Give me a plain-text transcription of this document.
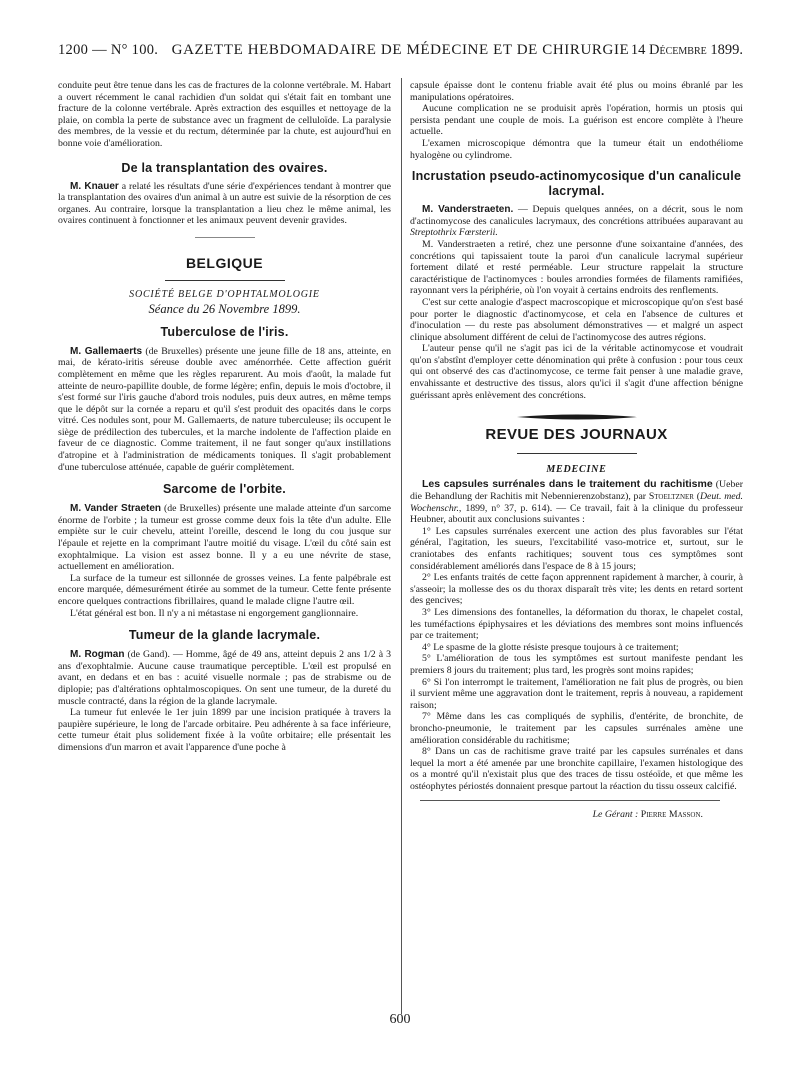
1200 — N° 100. GAZETTE HEBDOMADAIRE DE MÉDECINE ET DE CHIRURGIE 14 Décembre 1899.

conduite peut être tenue dans les cas de fractures de la colonne vertébrale. M. Habart a ouvert récemment le canal rachidien d'un soldat qui s'était fait en tombant une fracture de la colonne vertébrale. Après extraction des esquilles et nettoyage de la plaie, on combla la perte de substance avec un fragment de celluloïde. La paralysie des membres, de la vessie et du rectum, déterminée par la chute, est aujourd'hui en bonne voie d'amélioration.

De la transplantation des ovaires.

M. Knauer a relaté les résultats d'une série d'expériences tendant à montrer que la transplantation des ovaires d'un animal à un autre est suivie de la résorption de ces organes. Au contraire, lorsque la transplantation a lieu chez le même animal, les ovaires continuent à fonctionner et les animaux peuvent devenir gravides.

BELGIQUE
SOCIÉTÉ BELGE D'OPHTALMOLOGIE
Séance du 26 Novembre 1899.
Tuberculose de l'iris.

M. Gallemaerts (de Bruxelles) présente une jeune fille de 18 ans, atteinte, en mai, de kérato-iritis séreuse double avec aménorrhée. Cette affection guérit complètement en même que les règles reparurent. Au mois d'août, la malade fut atteinte de neuro-papillite double, de forme légère; enfin, depuis le mois d'octobre, il s'est formé sur l'iris gauche d'abord trois nodules, puis deux autres, en même temps que le dépôt sur la cornée a reparu et qu'il s'est produit des opacités dans le corps vitré. Ces nodules sont, pour M. Gallemaerts, de nature tuberculeuse; ils occupent le siège de prédilection des tubercules, et la marche indolente de l'affection plaide en faveur de ce diagnostic. Comme traitement, il ne faut songer qu'aux instillations d'atropine et à l'administration de médicaments toniques. Il s'agit probablement d'une tuberculose atténuée, capable de guérir complètement.

Sarcome de l'orbite.

M. Vander Straeten (de Bruxelles) présente une malade atteinte d'un sarcome énorme de l'orbite ; la tumeur est grosse comme deux fois la tête d'un adulte. Elle empiète sur le cuir chevelu, atteint l'oreille, descend le long du cou jusque sur l'épaule et rejette en la comprimant l'autre moitié du visage. L'œil du côté sain est exophtalmique. La vision est assez bonne. Il y a eu une névrite de stase, actuellement en amélioration.

La surface de la tumeur est sillonnée de grosses veines. La fente palpébrale est encore marquée, démesurément étirée au sommet de la tumeur. Cette fente présente encore quelques contractions fibrillaires, quand le malade cligne l'autre œil.

L'état général est bon. Il n'y a ni métastase ni engorgement ganglionnaire.

Tumeur de la glande lacrymale.

M. Rogman (de Gand). — Homme, âgé de 49 ans, atteint depuis 2 ans 1/2 à 3 ans d'exophtalmie. Aucune cause traumatique perceptible. L'œil est propulsé en avant, en dedans et en bas : acuité visuelle normale ; pas de strabisme ou de diplopie; pas d'altérations ophtalmoscopiques. On sent une tumeur, de la dureté du muscle contracté, dans la région de la glande lacrymale.

La tumeur fut enlevée le 1er juin 1899 par une incision pratiquée à travers la paupière supérieure, le long de l'arcade orbitaire. Peu adhérente à sa face inférieure, cette tumeur était plus solidement fixée à la voûte orbitaire; elle présentait les dimensions d'un marron et avait l'apparence d'une poche à

capsule épaisse dont le contenu friable avait été plus ou moins ébranlé par les manipulations opératoires.

Aucune complication ne se produisit après l'opération, hormis un ptosis qui persista pendant une couple de mois. La guérison est encore complète à l'heure actuelle.

L'examen microscopique démontra que la tumeur était un endothéliome hyalogène ou cylindrome.

Incrustation pseudo-actinomycosique d'un canalicule lacrymal.

M. Vanderstraeten. — Depuis quelques années, on a décrit, sous le nom d'actinomycose des canalicules lacrymaux, des concrétions attribuées auparavant au Streptothrix Fœrsterii.

M. Vanderstraeten a retiré, chez une personne d'une soixantaine d'années, des concrétions qui tapissaient toute la paroi d'un canalicule lacrymal supérieur fortement dilaté et resté perméable. Leur structure rappelait la structure caractéristique de l'actinomyces : boules arrondies formées de filaments ramifiées, rayonnant vers la périphérie, où l'on voyait à certains endroits des renflements.

C'est sur cette analogie d'aspect macroscopique et microscopique qu'on s'est basé pour porter le diagnostic d'actinomycose, et cela en l'absence de cultures et d'inoculation — du reste pas absolument démonstratives — et malgré un aspect clinique absolument différent de celui de l'actinomycose des autres régions.

L'auteur pense qu'il ne s'agit pas ici de la véritable actinomycose et voudrait qu'on s'abstînt d'employer cette dénomination qui prête à confusion : pour tous ceux qui ont observé des cas d'actinomycose, ce terme fait penser à une maladie grave, envahissante et destructive des tissus, alors qu'ici il s'agit d'une affection bénigne guérissant après enlèvement des concrétions.

REVUE DES JOURNAUX
MEDECINE

Les capsules surrénales dans le traitement du rachitisme (Ueber die Behandlung der Rachitis mit Nebennierenzobstanz), par Stoeltzner (Deut. med. Wochenschr., 1899, n° 37, p. 614). — Ce travail, fait à la clinique du professeur Heubner, aboutit aux conclusions suivantes :

1° Les capsules surrénales exercent une action des plus favorables sur l'état général, l'agitation, les sueurs, l'excitabilité vaso-motrice et, surtout, sur le craniotabes des enfants rachitiques; souvent tous ces symptômes sont considérablement améliorés dans l'espace de 8 à 15 jours;

2° Les enfants traités de cette façon apprennent rapidement à marcher, à courir, à s'asseoir; la mollesse des os du thorax disparaît très vite; les dents en retard sortent des gencives;

3° Les dimensions des fontanelles, la déformation du thorax, le chapelet costal, les tuméfactions épiphysaires et les déviations des membres sont moins influencés par ce traitement;

4° Le spasme de la glotte résiste presque toujours à ce traitement;

5° L'amélioration de tous les symptômes est surtout manifeste pendant les premiers 8 jours du traitement; plus tard, les progrès sont moins rapides;

6° Si l'on interrompt le traitement, l'amélioration ne fait plus de progrès, ou bien il survient même une aggravation dont le traitement, repris à nouveau, a rapidement raison;

7° Même dans les cas compliqués de syphilis, d'entérite, de bronchite, de broncho-pneumonie, le traitement par les capsules surrénales amène une amélioration considérable du rachitisme;

8° Dans un cas de rachitisme grave traité par les capsules surrénales et dans lequel la mort a été amenée par une bronchite capillaire, l'examen histologique des os a montré qu'il n'existait plus que des traces de tissu ostéoïde, et que même les ostéophytes périostés donnaient presque partout la réaction du tissu osseux calcifié.

Le Gérant : Pierre Masson.
600
